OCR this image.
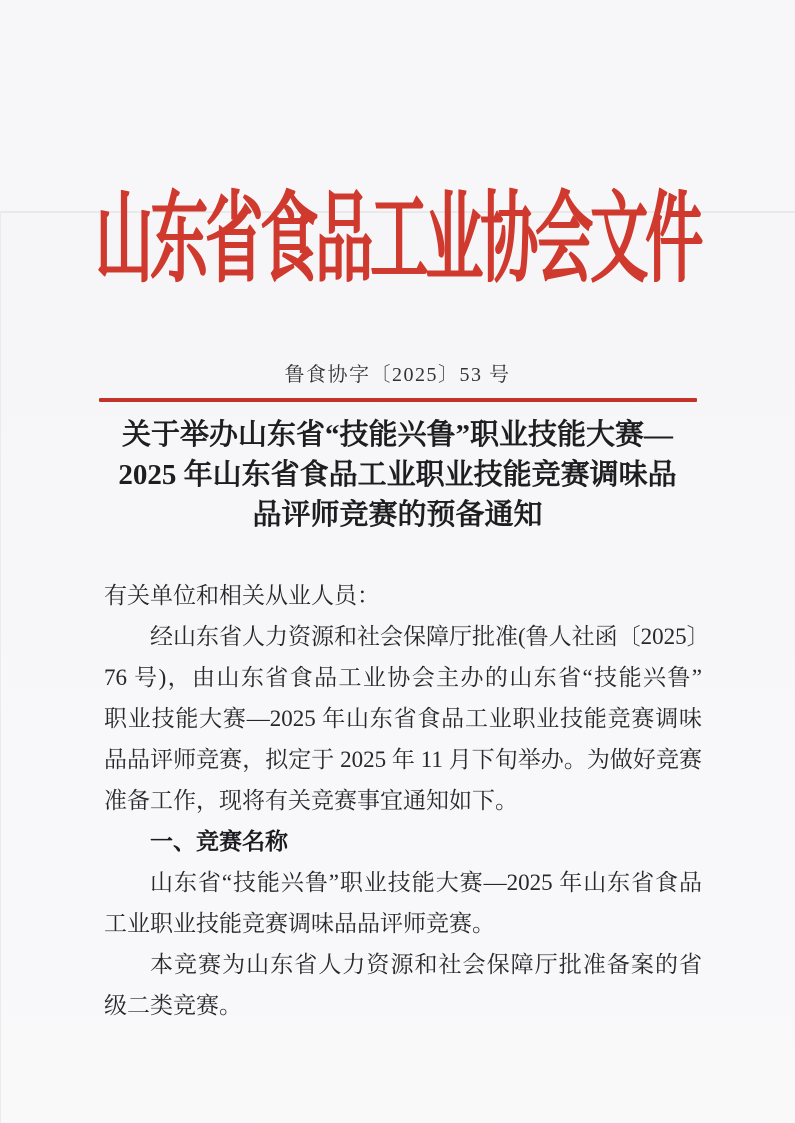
山东省食品工业协会文件
鲁食协字〔2025〕53 号
关于举办山东省“技能兴鲁”职业技能大赛—
2025 年山东省食品工业职业技能竞赛调味品
品评师竞赛的预备通知
有关单位和相关从业人员：
经山东省人力资源和社会保障厅批准(鲁人社函〔2025〕
76 号)，由山东省食品工业协会主办的山东省“技能兴鲁”
职业技能大赛—2025 年山东省食品工业职业技能竞赛调味
品品评师竞赛，拟定于 2025 年 11 月下旬举办。为做好竞赛
准备工作，现将有关竞赛事宜通知如下。
一、竞赛名称
山东省“技能兴鲁”职业技能大赛—2025 年山东省食品
工业职业技能竞赛调味品品评师竞赛。
本竞赛为山东省人力资源和社会保障厅批准备案的省
级二类竞赛。
